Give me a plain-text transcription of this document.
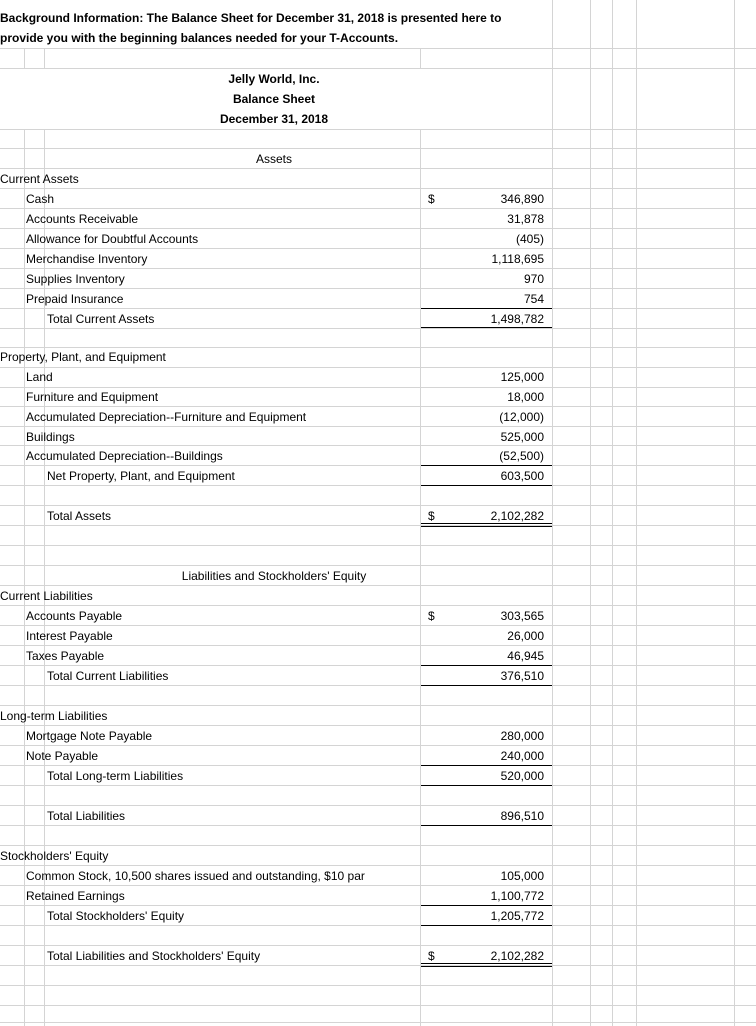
Background Information: The Balance Sheet for December 31, 2018 is presented here to
provide you with the beginning balances needed for your T-Accounts.
Jelly World, Inc.
Balance Sheet
December 31, 2018
Assets
Current Assets
Cash	$	346,890
Accounts Receivable	31,878
Allowance for Doubtful Accounts	(405)
Merchandise Inventory	1,118,695
Supplies Inventory	970
Prepaid Insurance	754
Total Current Assets	1,498,782
Property, Plant, and Equipment
Land	125,000
Furniture and Equipment	18,000
Accumulated Depreciation--Furniture and Equipment	(12,000)
Buildings	525,000
Accumulated Depreciation--Buildings	(52,500)
Net Property, Plant, and Equipment	603,500
Total Assets	$	2,102,282
Liabilities and Stockholders' Equity
Current Liabilities
Accounts Payable	$	303,565
Interest Payable	26,000
Taxes Payable	46,945
Total Current Liabilities	376,510
Long-term Liabilities
Mortgage Note Payable	280,000
Note Payable	240,000
Total Long-term Liabilities	520,000
Total Liabilities	896,510
Stockholders' Equity
Common Stock, 10,500 shares issued and outstanding, $10 par	105,000
Retained Earnings	1,100,772
Total Stockholders' Equity	1,205,772
Total Liabilities and Stockholders' Equity	$	2,102,282
